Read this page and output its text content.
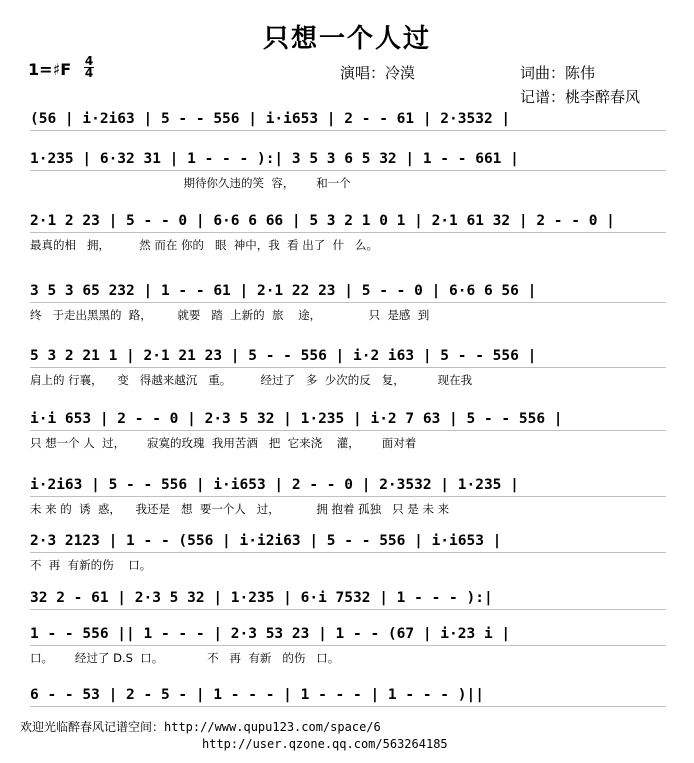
只想一个人过
演唱：冷漠	词曲：陈伟
记谱：桃李醉春风
1=♯F 4
4
(56 | i·2i63 | 5 - - 556 | i·i653 | 2 - - 61 | 2·3532 |
1·235 | 6·32 31 | 1 - - - ):| 3 5 3 6 5 32 | 1 - - 661 |
期待你久违的笑  容，      和一个
2·1 2 23 | 5 - - 0 | 6·6 6 66 | 5 3 2 1 0 1 | 2·1 61 32 | 2 - - 0 |
最真的相   拥，        然 而在 你的   眼  神中，我  看 出了  什   么。
3 5 3 65 232 | 1 - - 61 | 2·1 22 23 | 5 - - 0 | 6·6 6 56 |
终   于走出黑黑的  路，       就要   踏  上新的  旅    途，             只  是感  到
5 3 2 21 1 | 2·1 21 23 | 5 - - 556 | i·2 i63 | 5 - - 556 |
肩上的 行襄，    变   得越来越沉   重。        经过了   多  少次的反   复，         现在我
i·i 653 | 2 - - 0 | 2·3 5 32 | 1·235 | i·2 7 63 | 5 - - 556 |
只 想一个 人  过，      寂寞的玫瑰  我用苦酒   把  它来浇    灌，      面对着
i·2i63 | 5 - - 556 | i·i653 | 2 - - 0 | 2·3532 | 1·235 |
未 来 的  诱  惑，    我还是   想  要一个人   过，          拥 抱着 孤独   只 是 未 来
2·3 2123 | 1 - - (556 | i·i2i63 | 5 - - 556 | i·i653 |
不  再  有新的伤    口。
32 2 - 61 | 2·3 5 32 | 1·235 | 6·i 7532 | 1 - - - ):|
1 - - 556 || 1 - - - | 2·3 53 23 | 1 - - (67 | i·23 i |
口。      经过了 D.S  口。            不   再  有新   的伤   口。
6 - - 53 | 2 - 5 - | 1 - - - | 1 - - - | 1 - - - )||
欢迎光临醉春风记谱空间：http://www.qupu123.com/space/6
http://user.qzone.qq.com/563264185
